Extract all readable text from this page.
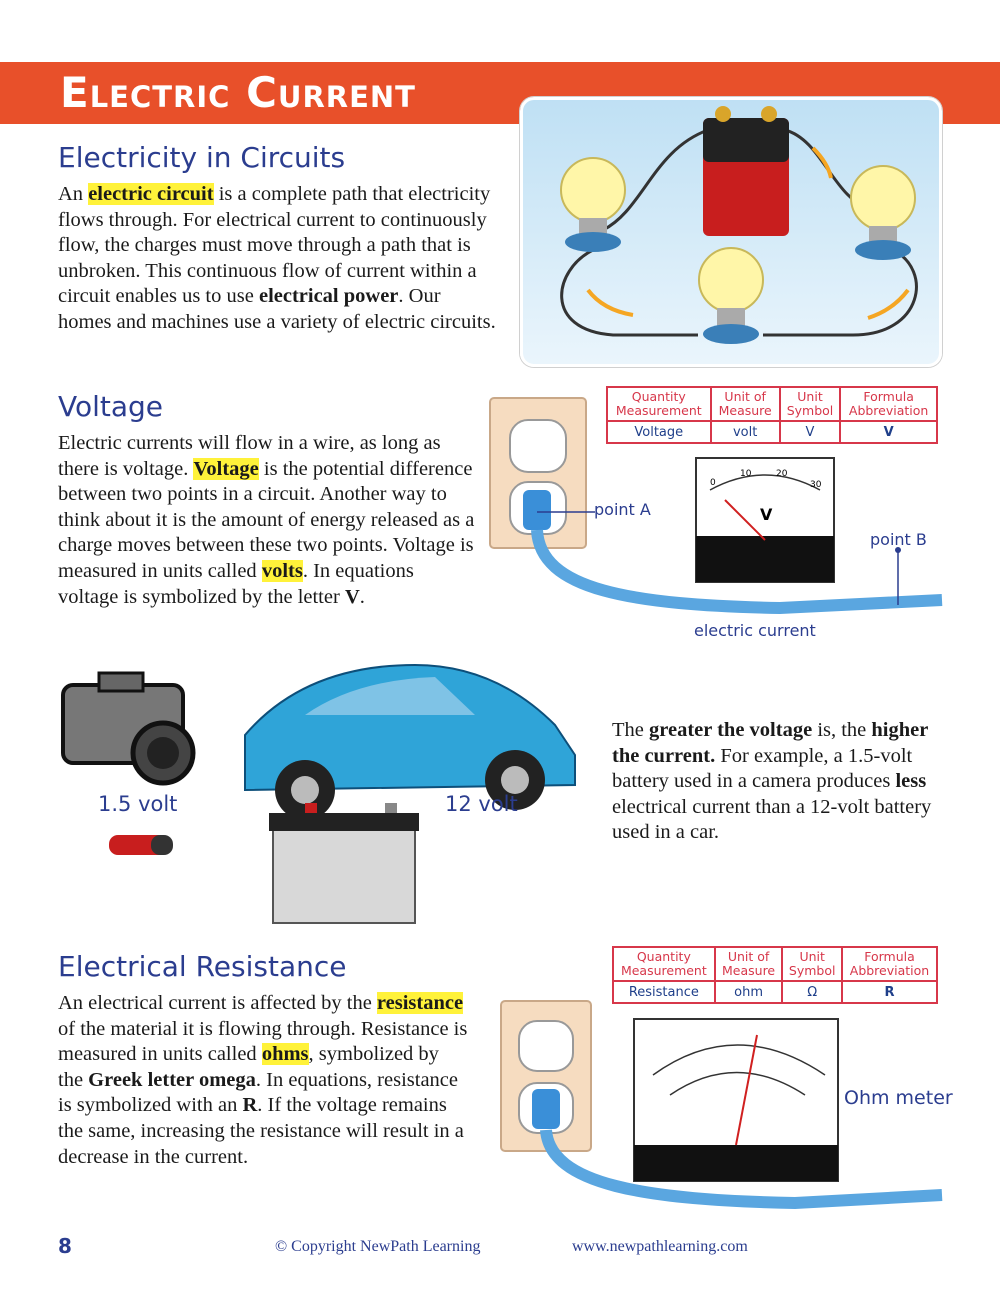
Electric Current
Electricity in Circuits
An electric circuit is a complete path that electricity flows through. For electrical current to continuously flow, the charges must move through a path that is unbroken. This continuous flow of current within a circuit enables us to use electrical power. Our homes and machines use a variety of electric circuits.
Voltage
Electric currents will flow in a wire, as long as there is voltage. Voltage is the potential difference between two points in a circuit. Another way to think about it is the amount of energy released as a charge moves between these two points. Voltage is measured in units called volts. In equations voltage is symbolized by the letter V.
Quantity Measurement	Unit of Measure	Unit Symbol	Formula Abbreviation
Voltage	volt	V	V
0
10	20
30
V
point A
point B
electric current
1.5 volt	12 volt
The greater the voltage is, the higher the current. For example, a 1.5-volt battery used in a camera produces less electrical current than a 12-volt battery used in a car.
Electrical Resistance
An electrical current is affected by the resistance of the material it is flowing through. Resistance is measured in units called ohms, symbolized by the Greek letter omega. In equations, resistance is symbolized with an R. If the voltage remains the same, increasing the resistance will result in a decrease in the current.
Quantity Measurement	Unit of Measure	Unit Symbol	Formula Abbreviation
Resistance	ohm	Ω	R
Ohm meter
8	© Copyright NewPath Learning	www.newpathlearning.com
